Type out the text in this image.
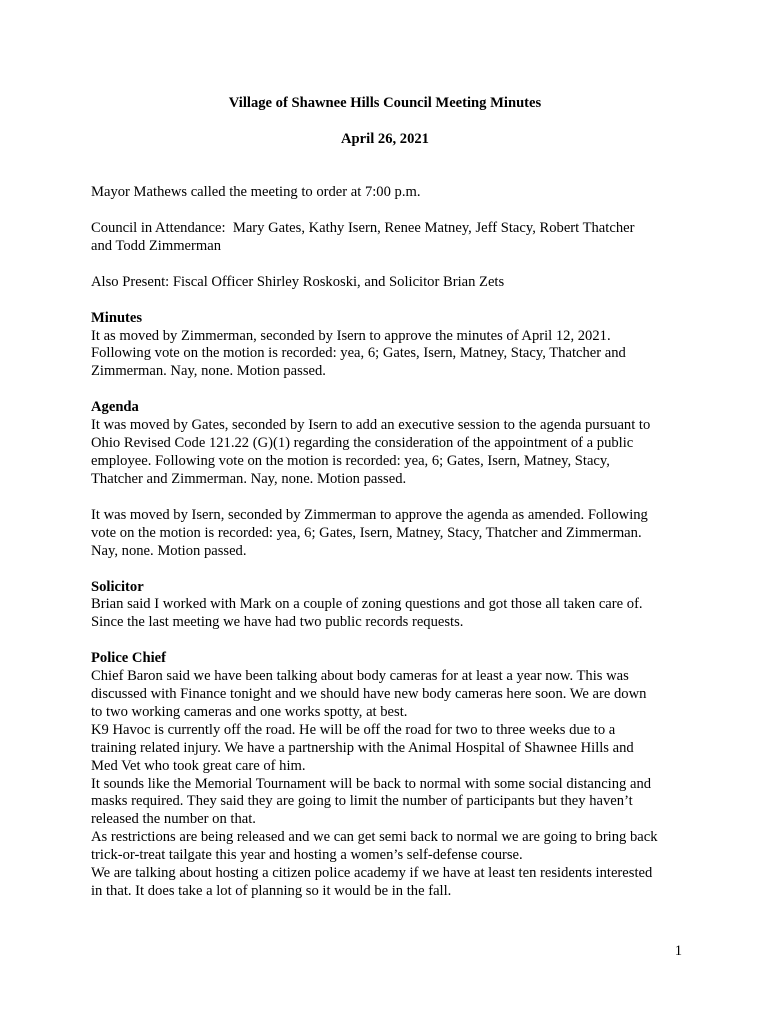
Village of Shawnee Hills Council Meeting Minutes
April 26, 2021

Mayor Mathews called the meeting to order at 7:00 p.m.

Council in Attendance:  Mary Gates, Kathy Isern, Renee Matney, Jeff Stacy, Robert Thatcher

and Todd Zimmerman

Also Present: Fiscal Officer Shirley Roskoski, and Solicitor Brian Zets

Minutes

It as moved by Zimmerman, seconded by Isern to approve the minutes of April 12, 2021.

Following vote on the motion is recorded: yea, 6; Gates, Isern, Matney, Stacy, Thatcher and

Zimmerman. Nay, none. Motion passed.

Agenda

It was moved by Gates, seconded by Isern to add an executive session to the agenda pursuant to

Ohio Revised Code 121.22 (G)(1) regarding the consideration of the appointment of a public

employee. Following vote on the motion is recorded: yea, 6; Gates, Isern, Matney, Stacy,

Thatcher and Zimmerman. Nay, none. Motion passed.

It was moved by Isern, seconded by Zimmerman to approve the agenda as amended. Following

vote on the motion is recorded: yea, 6; Gates, Isern, Matney, Stacy, Thatcher and Zimmerman.

Nay, none. Motion passed.

Solicitor

Brian said I worked with Mark on a couple of zoning questions and got those all taken care of.

Since the last meeting we have had two public records requests.

Police Chief

Chief Baron said we have been talking about body cameras for at least a year now. This was

discussed with Finance tonight and we should have new body cameras here soon. We are down

to two working cameras and one works spotty, at best.

K9 Havoc is currently off the road. He will be off the road for two to three weeks due to a

training related injury. We have a partnership with the Animal Hospital of Shawnee Hills and

Med Vet who took great care of him.

It sounds like the Memorial Tournament will be back to normal with some social distancing and

masks required. They said they are going to limit the number of participants but they haven’t

released the number on that.

As restrictions are being released and we can get semi back to normal we are going to bring back

trick-or-treat tailgate this year and hosting a women’s self-defense course.

We are talking about hosting a citizen police academy if we have at least ten residents interested

in that. It does take a lot of planning so it would be in the fall.

1
